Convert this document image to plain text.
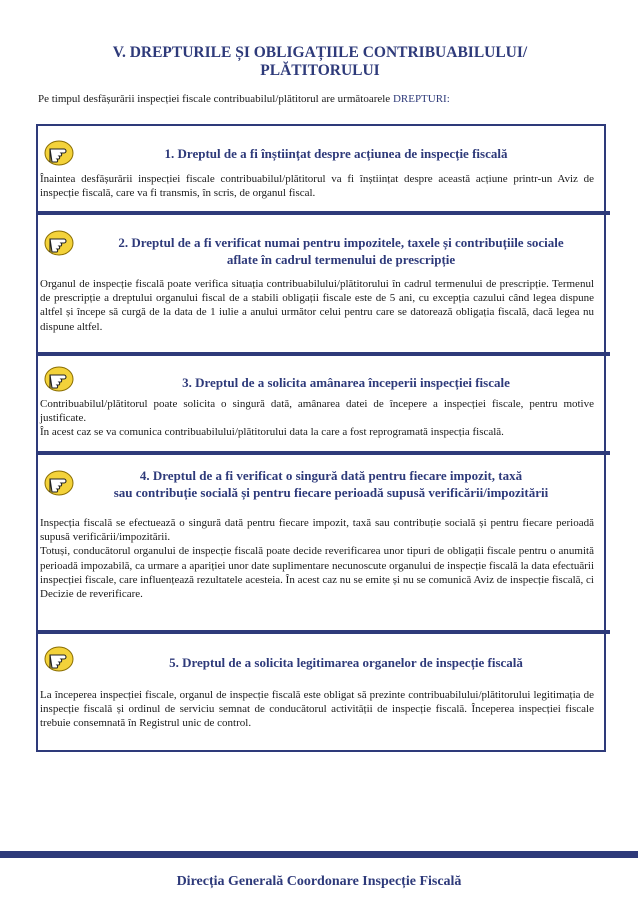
V. DREPTURILE ȘI OBLIGAȚIILE CONTRIBUABILULUI/
PLĂTITORULUI
Pe timpul desfășurării inspecției fiscale contribuabilul/plătitorul are următoarele DREPTURI:
1. Dreptul de a fi înștiințat despre acțiunea de inspecție fiscală
Înaintea desfășurării inspecției fiscale contribuabilul/plătitorul va fi înștiințat despre această acțiune printr-un Aviz de inspecție fiscală, care va fi transmis, în scris, de organul fiscal.
2. Dreptul de a fi verificat numai pentru impozitele, taxele și contribuțiile sociale
aflate în cadrul termenului de prescripție
Organul de inspecție fiscală poate verifica situația contribuabilului/plătitorului în cadrul termenului de prescripție. Termenul de prescripție a dreptului organului fiscal de a stabili obligații fiscale este de 5 ani, cu excepția cazului când legea dispune altfel și începe să curgă de la data de 1 iulie a anului următor celui pentru care se datorează obligația fiscală, dacă legea nu dispune altfel.
3. Dreptul de a solicita amânarea începerii inspecției fiscale
Contribuabilul/plătitorul poate solicita o singură dată, amânarea datei de începere a inspecției fiscale, pentru motive justificate.
În acest caz se va comunica contribuabilului/plătitorului data la care a fost reprogramată inspecția fiscală.
4. Dreptul de a fi verificat o singură dată pentru fiecare impozit, taxă
sau contribuție socială și pentru fiecare perioadă supusă verificării/impozitării
Inspecția fiscală se efectuează o singură dată pentru fiecare impozit, taxă sau contribuție socială și pentru fiecare perioadă supusă verificării/impozitării.
Totuși, conducătorul organului de inspecție fiscală poate decide reverificarea unor tipuri de obligații fiscale pentru o anumită perioadă impozabilă, ca urmare a apariției unor date suplimentare necunoscute organului de inspecție fiscală la data efectuării inspecției fiscale, care influențează rezultatele acesteia. În acest caz nu se emite și nu se comunică Aviz de inspecție fiscală, ci Decizie de reverificare.
5. Dreptul de a solicita legitimarea organelor de inspecție fiscală
La începerea inspecției fiscale, organul de inspecție fiscală este obligat să prezinte contribuabilului/plătitorului legitimația de inspecție fiscală și ordinul de serviciu semnat de conducătorul activității de inspecție fiscală. Începerea inspecției fiscale trebuie consemnată în Registrul unic de control.
Direcția Generală Coordonare Inspecție Fiscală
